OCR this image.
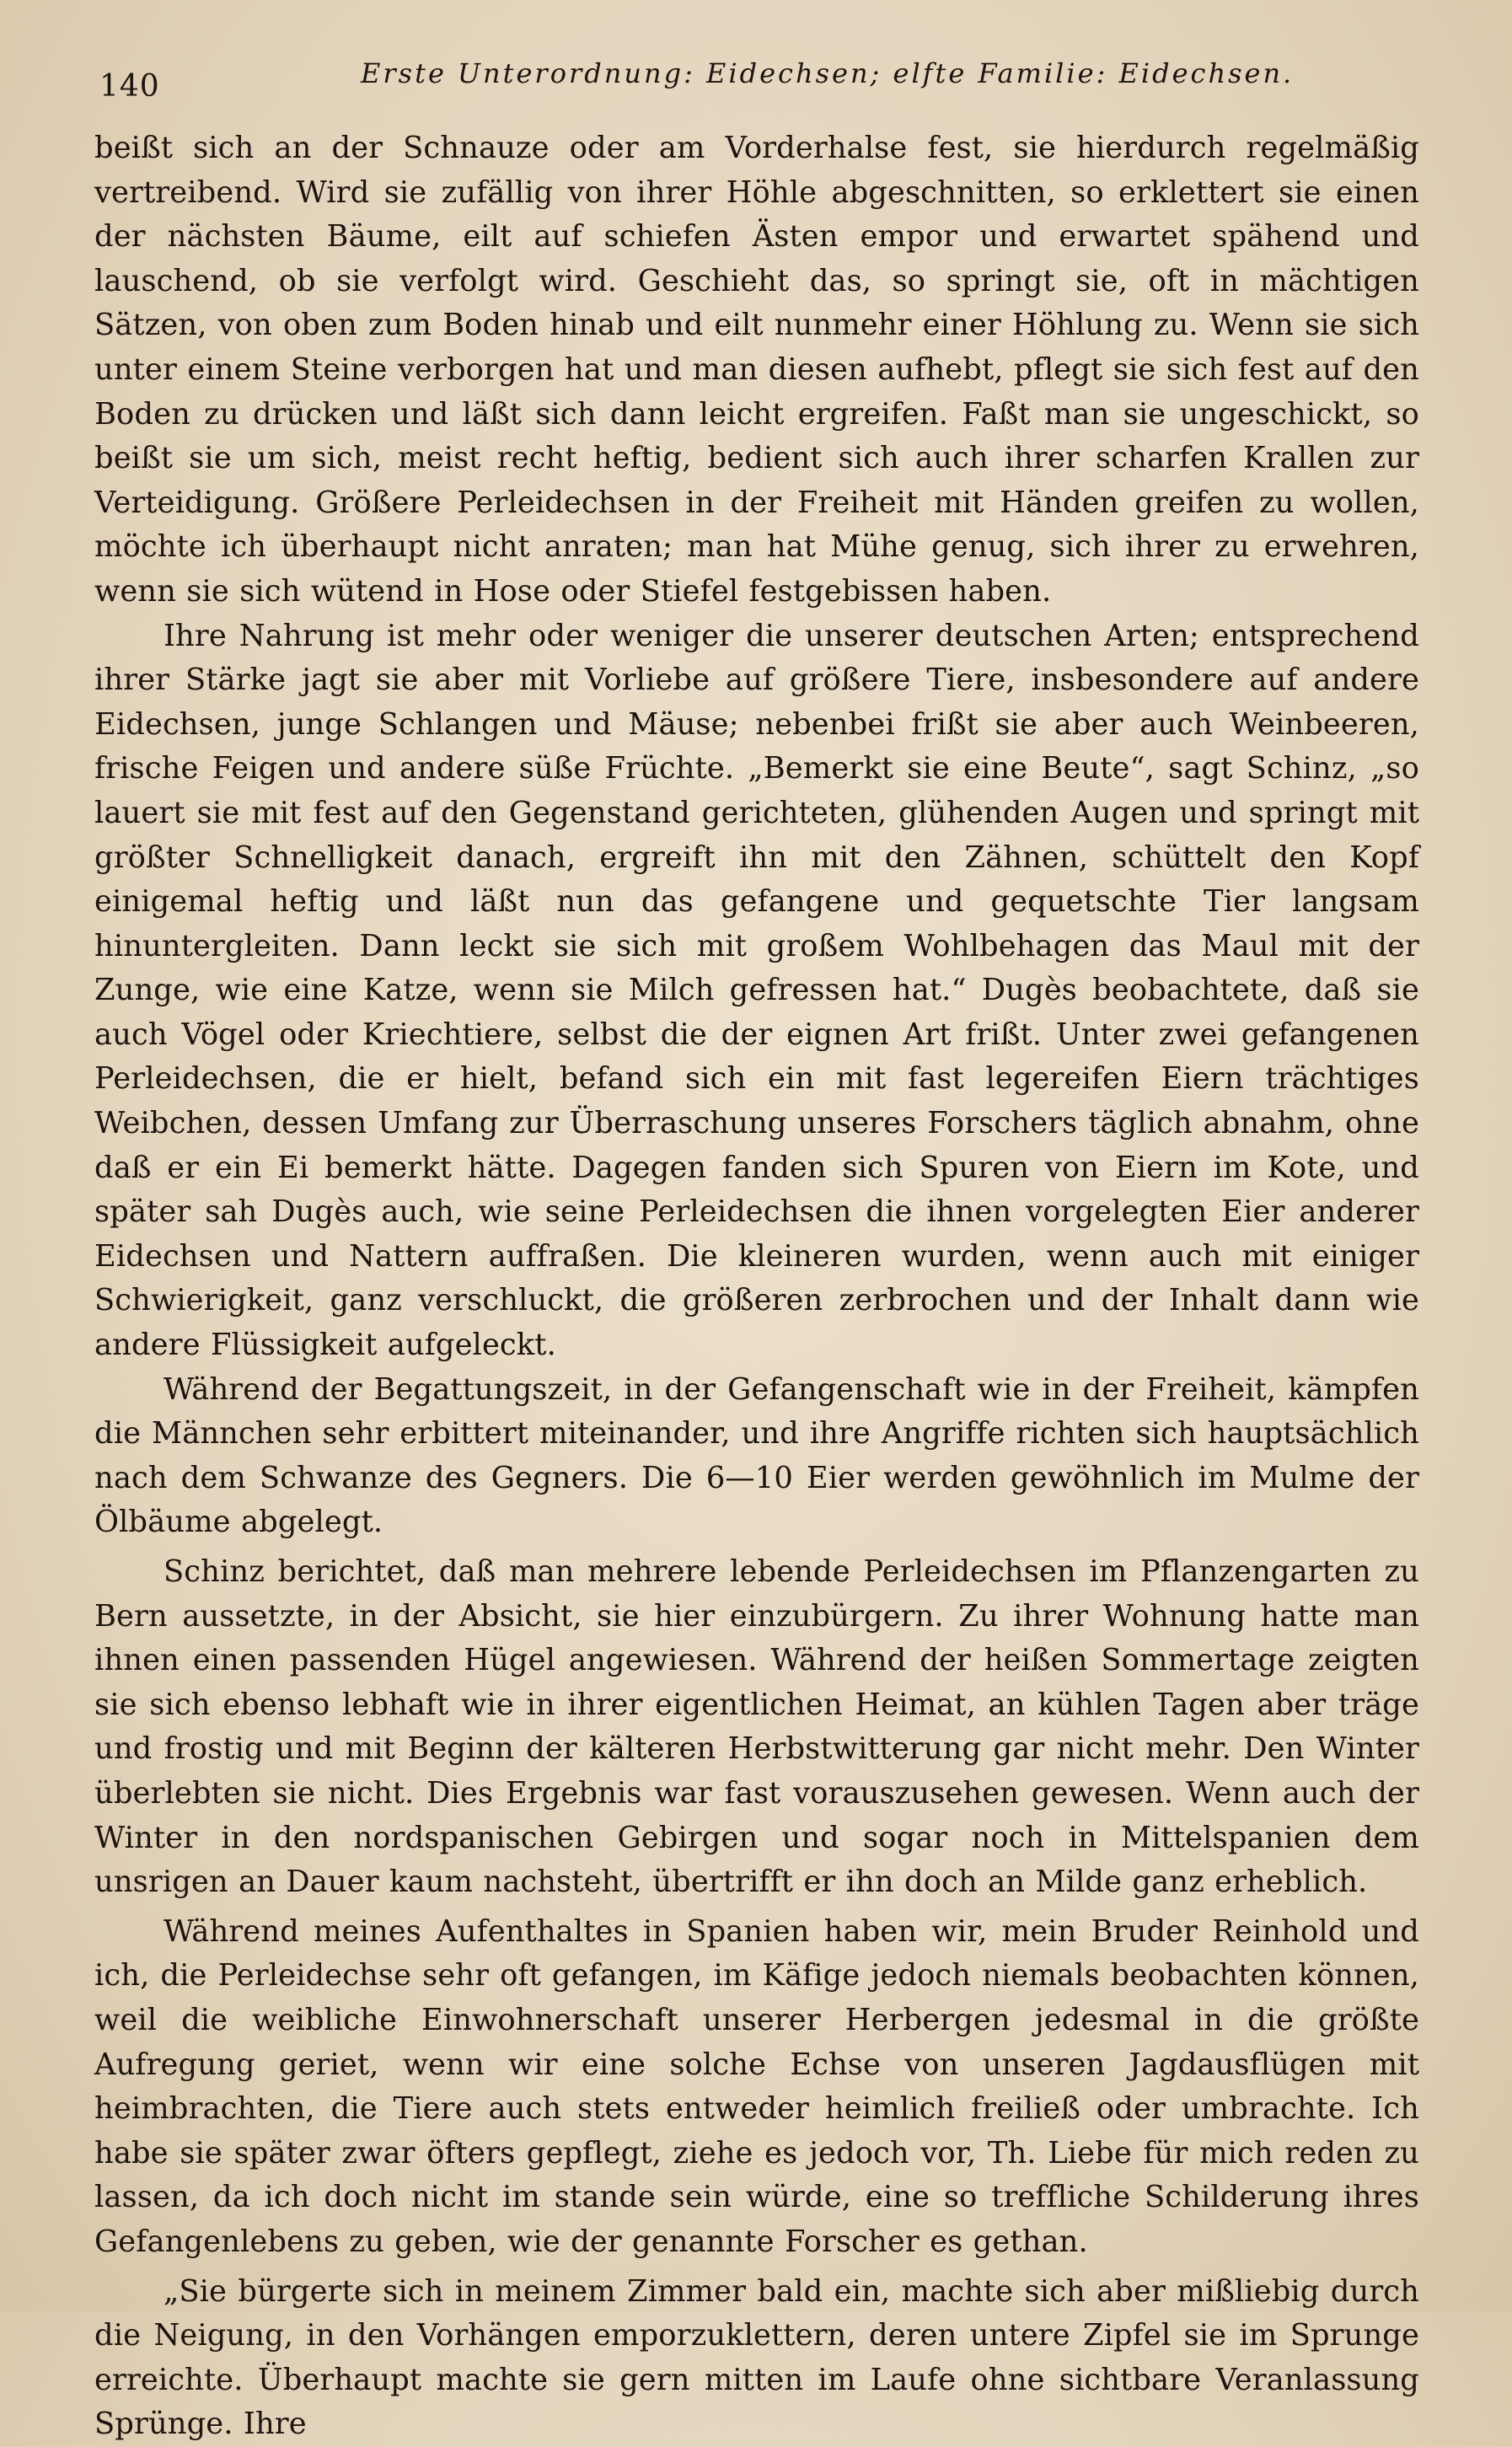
140	Erste Unterordnung: Eidechsen; elfte Familie: Eidechsen.

beißt sich an der Schnauze oder am Vorderhalse fest, sie hierdurch regelmäßig vertreibend. Wird sie zufällig von ihrer Höhle abgeschnitten, so erklettert sie einen der nächsten Bäume, eilt auf schiefen Ästen empor und erwartet spähend und lauschend, ob sie verfolgt wird. Geschieht das, so springt sie, oft in mächtigen Sätzen, von oben zum Boden hinab und eilt nunmehr einer Höhlung zu. Wenn sie sich unter einem Steine verborgen hat und man diesen aufhebt, pflegt sie sich fest auf den Boden zu drücken und läßt sich dann leicht ergreifen. Faßt man sie ungeschickt, so beißt sie um sich, meist recht heftig, bedient sich auch ihrer scharfen Krallen zur Verteidigung. Größere Perleidechsen in der Freiheit mit Händen greifen zu wollen, möchte ich überhaupt nicht anraten; man hat Mühe genug, sich ihrer zu erwehren, wenn sie sich wütend in Hose oder Stiefel festgebissen haben.

Ihre Nahrung ist mehr oder weniger die unserer deutschen Arten; entsprechend ihrer Stärke jagt sie aber mit Vorliebe auf größere Tiere, insbesondere auf andere Eidechsen, junge Schlangen und Mäuse; nebenbei frißt sie aber auch Weinbeeren, frische Feigen und andere süße Früchte. „Bemerkt sie eine Beute“, sagt Schinz, „so lauert sie mit fest auf den Gegenstand gerichteten, glühenden Augen und springt mit größter Schnelligkeit danach, ergreift ihn mit den Zähnen, schüttelt den Kopf einigemal heftig und läßt nun das gefangene und gequetschte Tier langsam hinuntergleiten. Dann leckt sie sich mit großem Wohlbehagen das Maul mit der Zunge, wie eine Katze, wenn sie Milch gefressen hat.“ Dugès beobachtete, daß sie auch Vögel oder Kriechtiere, selbst die der eignen Art frißt. Unter zwei gefangenen Perleidechsen, die er hielt, befand sich ein mit fast legereifen Eiern trächtiges Weibchen, dessen Umfang zur Überraschung unseres Forschers täglich abnahm, ohne daß er ein Ei bemerkt hätte. Dagegen fanden sich Spuren von Eiern im Kote, und später sah Dugès auch, wie seine Perleidechsen die ihnen vorgelegten Eier anderer Eidechsen und Nattern auffraßen. Die kleineren wurden, wenn auch mit einiger Schwierigkeit, ganz verschluckt, die größeren zerbrochen und der Inhalt dann wie andere Flüssigkeit aufgeleckt.

Während der Begattungszeit, in der Gefangenschaft wie in der Freiheit, kämpfen die Männchen sehr erbittert miteinander, und ihre Angriffe richten sich hauptsächlich nach dem Schwanze des Gegners. Die 6—10 Eier werden gewöhnlich im Mulme der Ölbäume abgelegt.

Schinz berichtet, daß man mehrere lebende Perleidechsen im Pflanzengarten zu Bern aussetzte, in der Absicht, sie hier einzubürgern. Zu ihrer Wohnung hatte man ihnen einen passenden Hügel angewiesen. Während der heißen Sommertage zeigten sie sich ebenso lebhaft wie in ihrer eigentlichen Heimat, an kühlen Tagen aber träge und frostig und mit Beginn der kälteren Herbstwitterung gar nicht mehr. Den Winter überlebten sie nicht. Dies Ergebnis war fast vorauszusehen gewesen. Wenn auch der Winter in den nordspanischen Gebirgen und sogar noch in Mittelspanien dem unsrigen an Dauer kaum nachsteht, übertrifft er ihn doch an Milde ganz erheblich.

Während meines Aufenthaltes in Spanien haben wir, mein Bruder Reinhold und ich, die Perleidechse sehr oft gefangen, im Käfige jedoch niemals beobachten können, weil die weibliche Einwohnerschaft unserer Herbergen jedesmal in die größte Aufregung geriet, wenn wir eine solche Echse von unseren Jagdausflügen mit heimbrachten, die Tiere auch stets entweder heimlich freiließ oder umbrachte. Ich habe sie später zwar öfters gepflegt, ziehe es jedoch vor, Th. Liebe für mich reden zu lassen, da ich doch nicht im stande sein würde, eine so treffliche Schilderung ihres Gefangenlebens zu geben, wie der genannte Forscher es gethan.

„Sie bürgerte sich in meinem Zimmer bald ein, machte sich aber mißliebig durch die Neigung, in den Vorhängen emporzuklettern, deren untere Zipfel sie im Sprunge erreichte. Überhaupt machte sie gern mitten im Laufe ohne sichtbare Veranlassung Sprünge. Ihre
